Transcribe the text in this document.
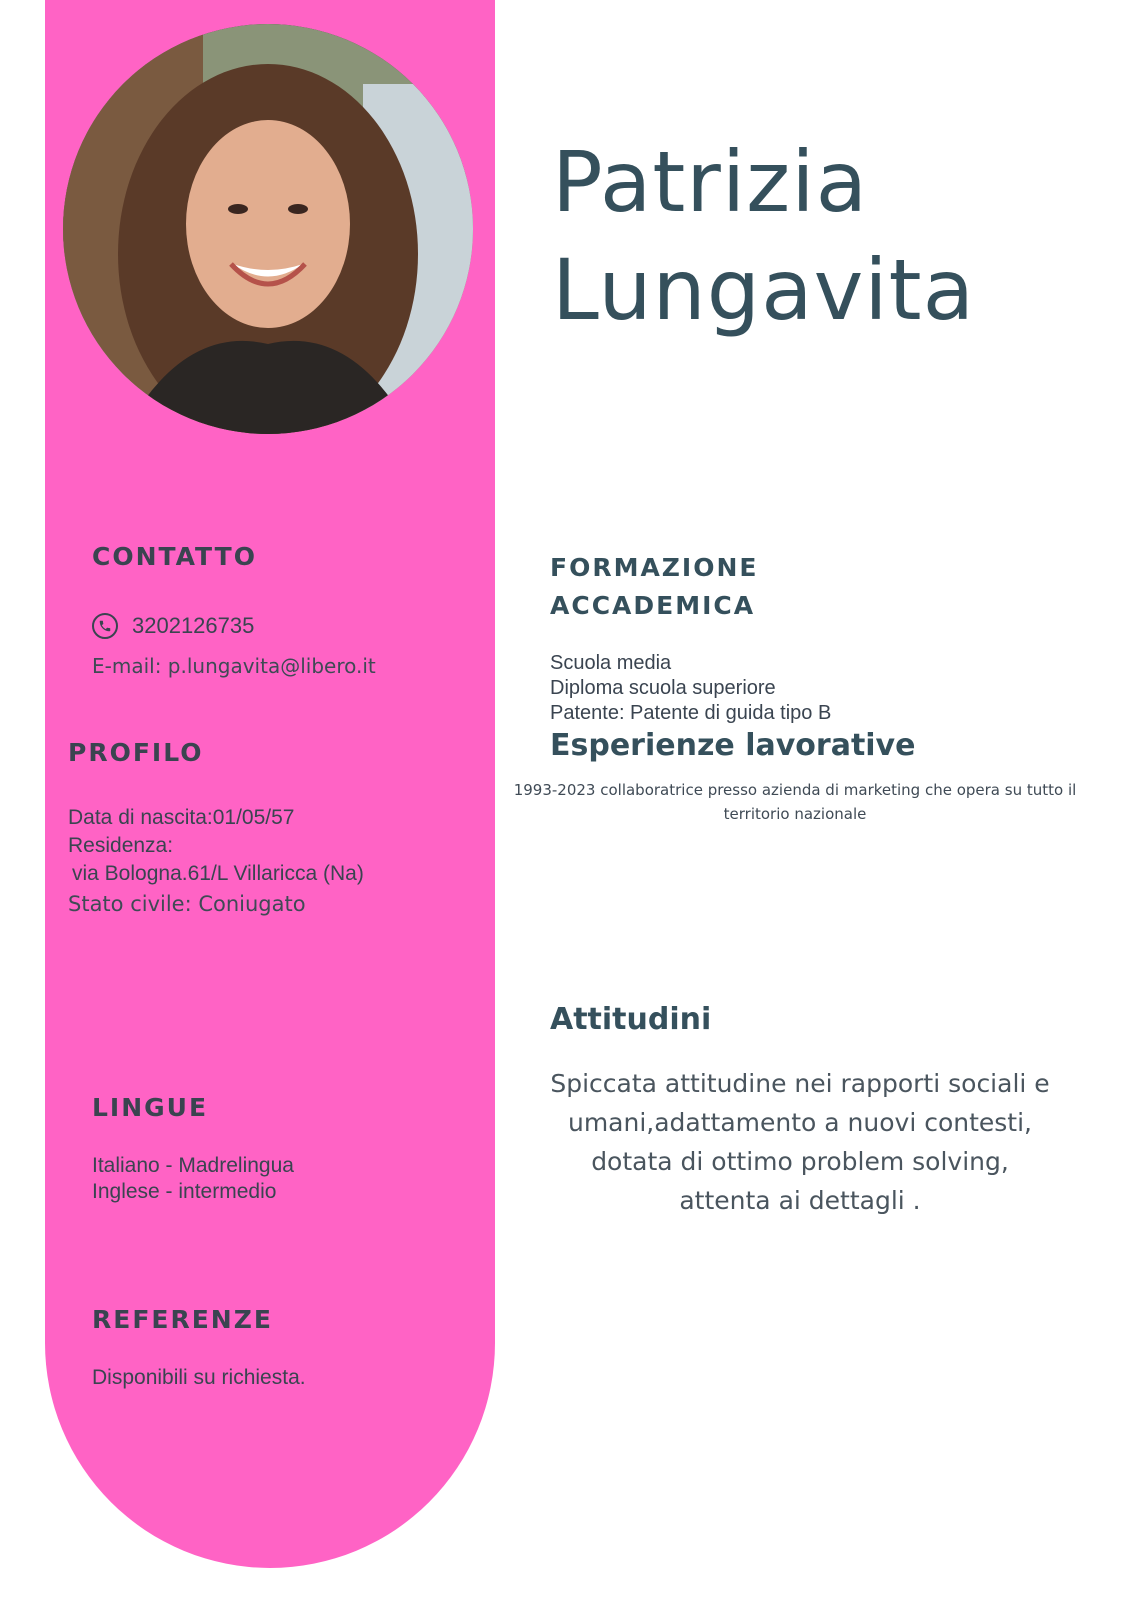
Patrizia
Lungavita
CONTATTO
3202126735
E-mail: p.lungavita@libero.it
PROFILO
Data di nascita:01/05/57
Residenza:
via Bologna.61/L Villaricca (Na)
Stato civile: Coniugato
LINGUE
Italiano - Madrelingua
Inglese - intermedio
REFERENZE
Disponibili su richiesta.
FORMAZIONE
ACCADEMICA
Scuola media
Diploma scuola superiore
Patente: Patente di guida tipo B
Esperienze lavorative
1993-2023 collaboratrice presso azienda di marketing che opera su tutto il
territorio nazionale
Attitudini
Spiccata attitudine nei rapporti sociali e
umani,adattamento a nuovi contesti,
dotata di ottimo problem solving,
attenta ai dettagli .
